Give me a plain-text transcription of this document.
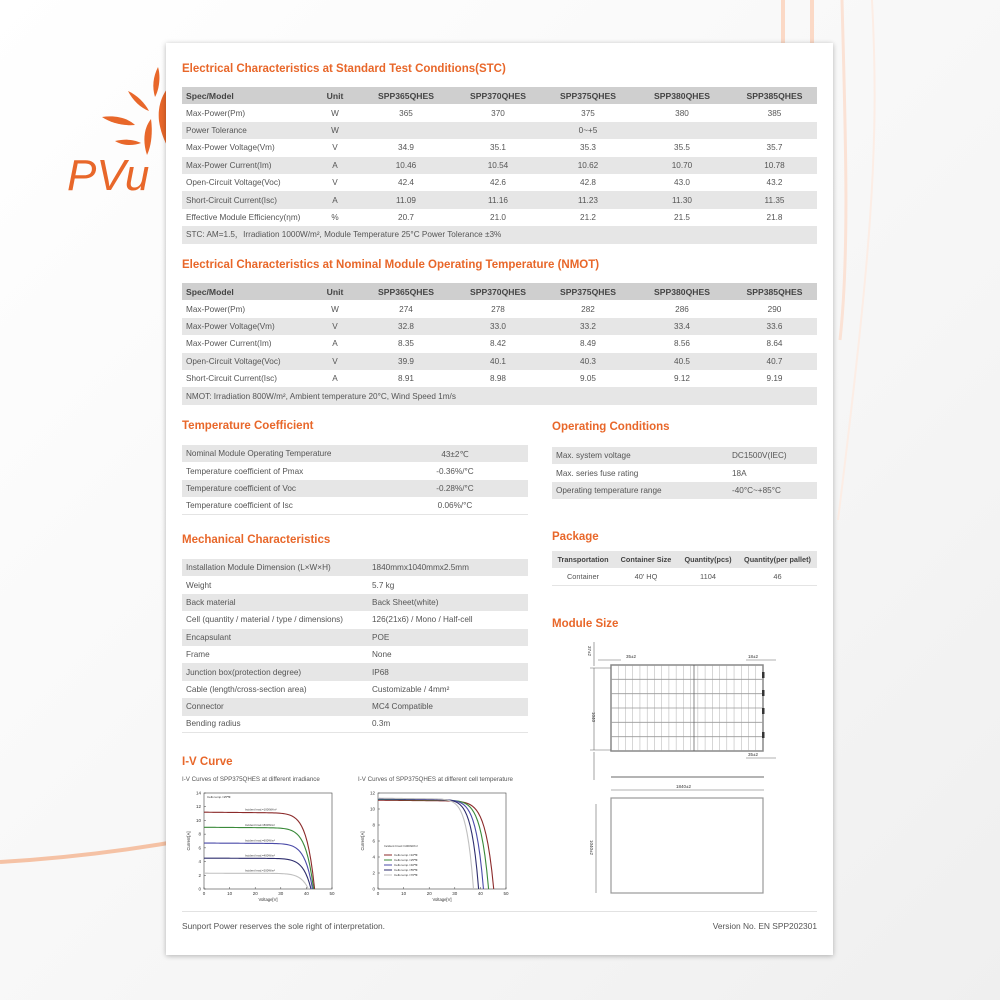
PVu
Electrical Characteristics at Standard Test Conditions(STC)
Spec/Model	Unit	SPP365QHES	SPP370QHES	SPP375QHES	SPP380QHES	SPP385QHES
Max-Power(Pm)	W	365	370	375	380	385
Power Tolerance	W			0~+5		
Max-Power Voltage(Vm)	V	34.9	35.1	35.3	35.5	35.7
Max-Power Current(Im)	A	10.46	10.54	10.62	10.70	10.78
Open-Circuit Voltage(Voc)	V	42.4	42.6	42.8	43.0	43.2
Short-Circuit Current(Isc)	A	11.09	11.16	11.23	11.30	11.35
Effective Module Efficiency(ηm)	%	20.7	21.0	21.2	21.5	21.8
STC: AM=1.5，Irradiation 1000W/m², Module Temperature 25°C Power Tolerance ±3%						
Electrical Characteristics at Nominal Module Operating Temperature (NMOT)
Spec/Model	Unit	SPP365QHES	SPP370QHES	SPP375QHES	SPP380QHES	SPP385QHES
Max-Power(Pm)	W	274	278	282	286	290
Max-Power Voltage(Vm)	V	32.8	33.0	33.2	33.4	33.6
Max-Power Current(Im)	A	8.35	8.42	8.49	8.56	8.64
Open-Circuit Voltage(Voc)	V	39.9	40.1	40.3	40.5	40.7
Short-Circuit Current(Isc)	A	8.91	8.98	9.05	9.12	9.19
NMOT: Irradiation 800W/m², Ambient temperature 20°C, Wind Speed 1m/s						
Temperature Coefficient
Nominal Module Operating Temperature	43±2℃
Temperature coefficient of Pmax	-0.36%/°C
Temperature coefficient of Voc	-0.28%/°C
Temperature coefficient of Isc	0.06%/°C
Operating Conditions
Max. system voltage	DC1500V(IEC)
Max. series fuse rating	18A
Operating temperature range	-40°C~+85°C
Package
Transportation	Container Size	Quantity(pcs)	Quantity(per pallet)
Container	40' HQ	1104	46
Mechanical Characteristics
Installation Module Dimension (L×W×H)	1840mmx1040mmx2.5mm
Weight	5.7 kg
Back material	Back Sheet(white)
Cell (quantity / material / type / dimensions)	126(21x6) / Mono / Half-cell
Encapsulant	POE
Frame	None
Junction box(protection degree)	IP68
Cable (length/cross-section area)	Customizable / 4mm²
Connector	MC4 Compatible
Bending radius	0.3m
Module Size
35±2	18±2
35±2
1040
37±2
1840±2
1040±2
I-V Curve
I-V Curves of SPP375QHES at different irradiance	I-V Curves of SPP375QHES at different cell temperature
0	10	20	30	40	50
0
2
4
6
8
10
12
14
Voltage[V]
Current[A]
Incident Irrad.=1000W/m²
Incident Irrad.=800W/m²
Incident Irrad.=600W/m²
Incident Irrad.=400W/m²
Incident Irrad.=200W/m²
Cells temp.=25℃
0	10	20	30	40	50
0
2
4
6
8
10
12
Voltage[V]
Current[A]
Cells temp.=10℃
Cells temp.=25℃
Cells temp.=40℃
Cells temp.=55℃
Cells temp.=70℃
Incident Irrad.=1000W/m²
Sunport Power reserves the sole right of interpretation.	Version No. EN SPP202301
